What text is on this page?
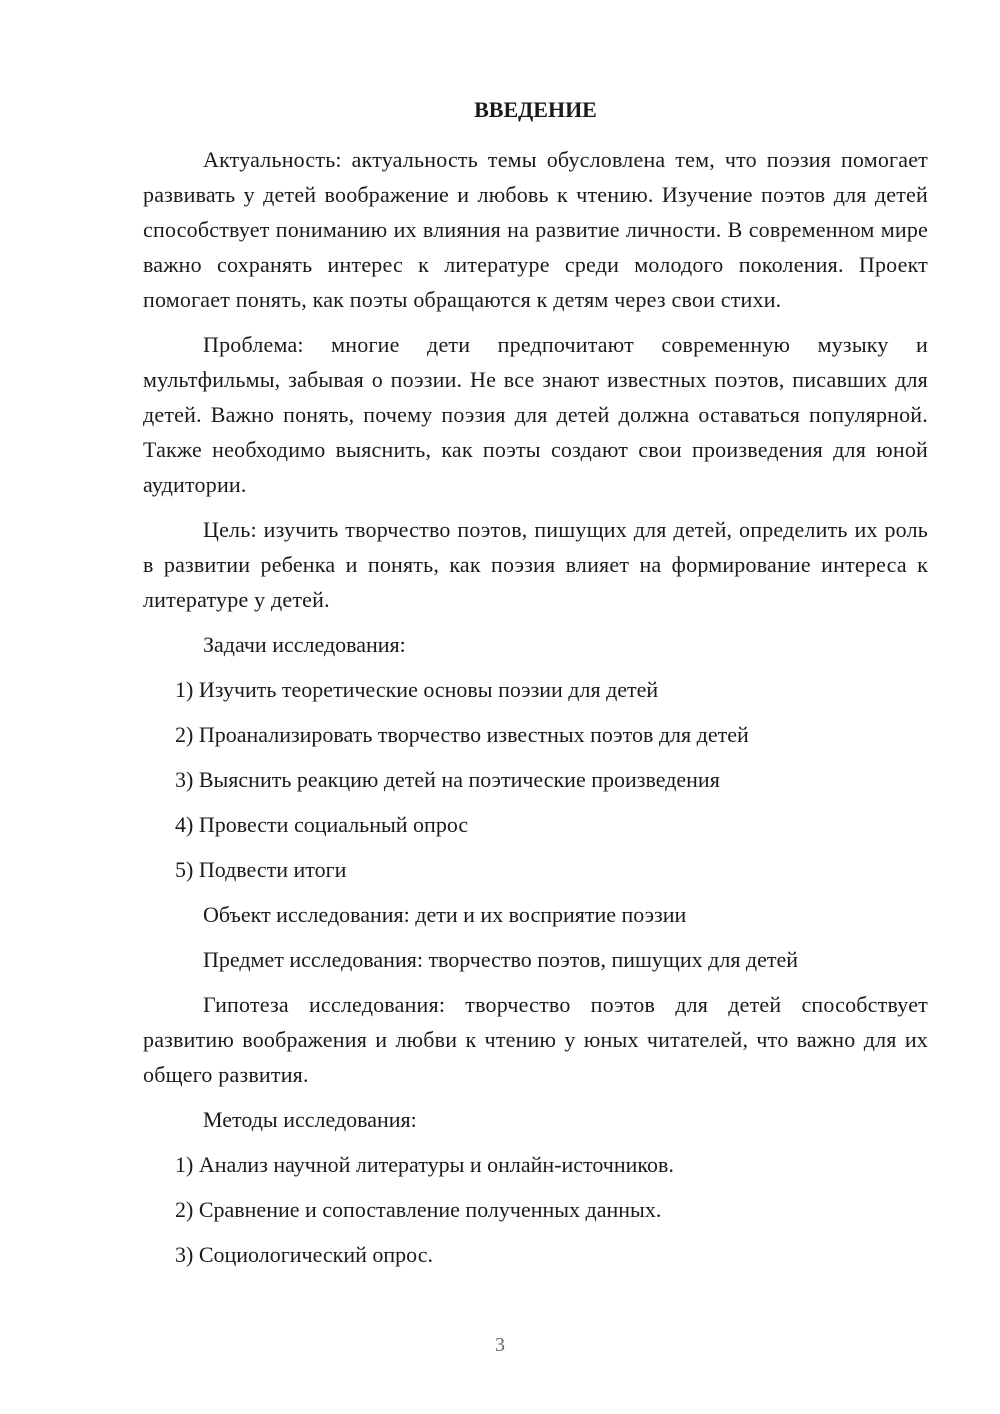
ВВЕДЕНИЕ

Актуальность: актуальность темы обусловлена тем, что поэзия помогает развивать у детей воображение и любовь к чтению. Изучение поэтов для детей способствует пониманию их влияния на развитие личности. В современном мире важно сохранять интерес к литературе среди молодого поколения. Проект помогает понять, как поэты обращаются к детям через свои стихи.

Проблема: многие дети предпочитают современную музыку и мультфильмы, забывая о поэзии. Не все знают известных поэтов, писавших для детей. Важно понять, почему поэзия для детей должна оставаться популярной. Также необходимо выяснить, как поэты создают свои произведения для юной аудитории.

Цель: изучить творчество поэтов, пишущих для детей, определить их роль в развитии ребенка и понять, как поэзия влияет на формирование интереса к литературе у детей.

Задачи исследования:
1) Изучить теоретические основы поэзии для детей
2) Проанализировать творчество известных поэтов для детей
3) Выяснить реакцию детей на поэтические произведения
4) Провести социальный опрос
5) Подвести итоги
Объект исследования: дети и их восприятие поэзии
Предмет исследования: творчество поэтов, пишущих для детей

Гипотеза исследования: творчество поэтов для детей способствует развитию воображения и любви к чтению у юных читателей, что важно для их общего развития.

Методы исследования:
1) Анализ научной литературы и онлайн-источников.
2) Сравнение и сопоставление полученных данных.
3) Социологический опрос.
3
